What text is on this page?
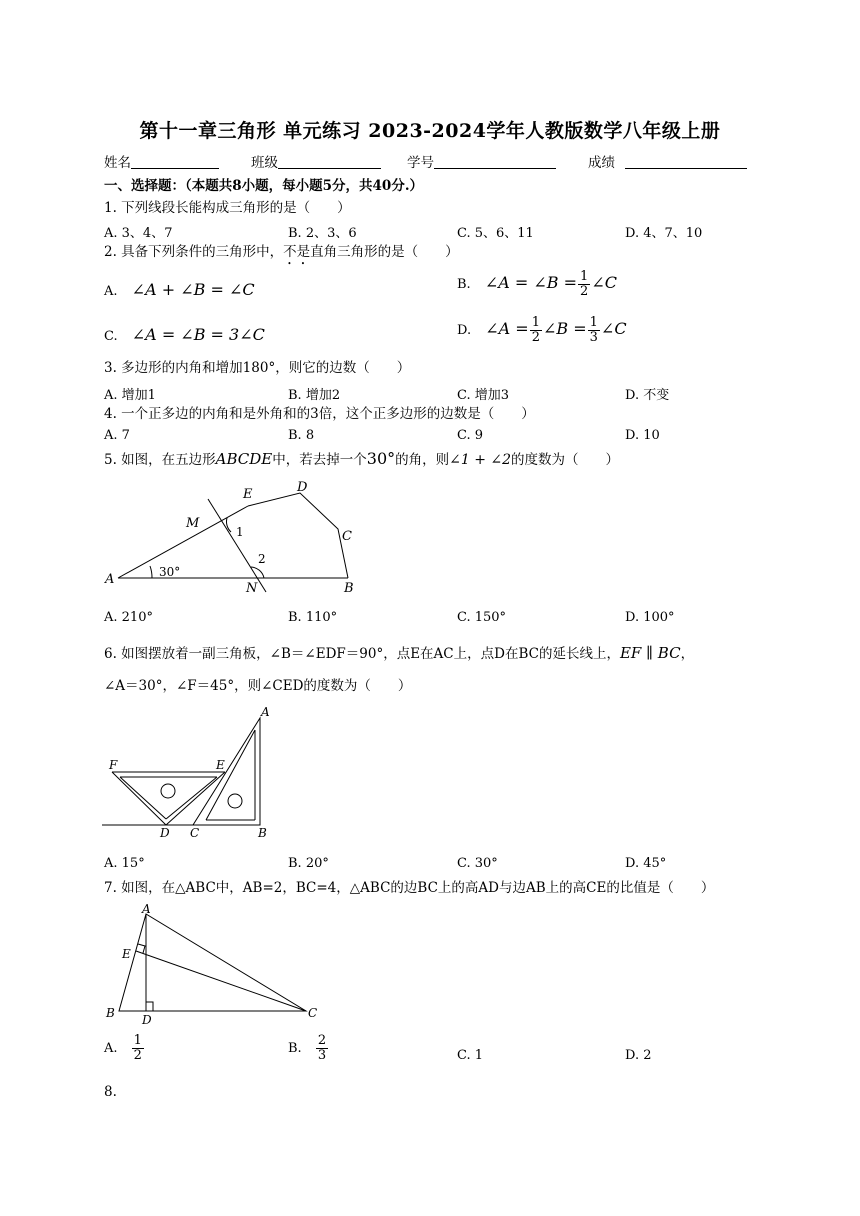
第十一章三角形 单元练习 2023-2024学年人教版数学八年级上册
姓名	班级	学号	成绩
一、选择题：（本题共8小题，每小题5分，共40分.）
1. 下列线段长能构成三角形的是（　　）
A. 3、4、7	B. 2、3、6	C. 5、6、11	D. 4、7、10
2. 具备下列条件的三角形中，不是直角三角形的是（　　）
A. ∠A + ∠B = ∠C	B. ∠A = ∠B = $\frac{1}{2}$ ∠C
C. ∠A = ∠B = 3∠C	D. ∠A = $\frac{1}{2}$ ∠B = $\frac{1}{3}$ ∠C
3. 多边形的内角和增加180°，则它的边数（　　）
A. 增加1	B. 增加2	C. 增加3	D. 不变
4. 一个正多边的内角和是外角和的3倍，这个正多边形的边数是（　　）
A. 7	B. 8	C. 9	D. 10
5. 如图，在五边形ABCDE中，若去掉一个30°的角，则∠1 + ∠2的度数为（　　）
A	30°
M
E	D
C
1
2
N	B
A. 210°	B. 110°	C. 150°	D. 100°
6. 如图摆放着一副三角板，∠B＝∠EDF＝90°，点E在AC上，点D在BC的延长线上，EF ∥ BC，
∠A＝30°，∠F＝45°，则∠CED的度数为（　　）
A
F	E
D C	B
A. 15°	B. 20°	C. 30°	D. 45°
7. 如图，在△ABC中，AB=2，BC=4，△ABC的边BC上的高AD与边AB上的高CE的比值是（　　）
A
E
B D	C
A. $\frac{1}{2}$	B. $\frac{2}{3}$	C. 1	D. 2
8.
